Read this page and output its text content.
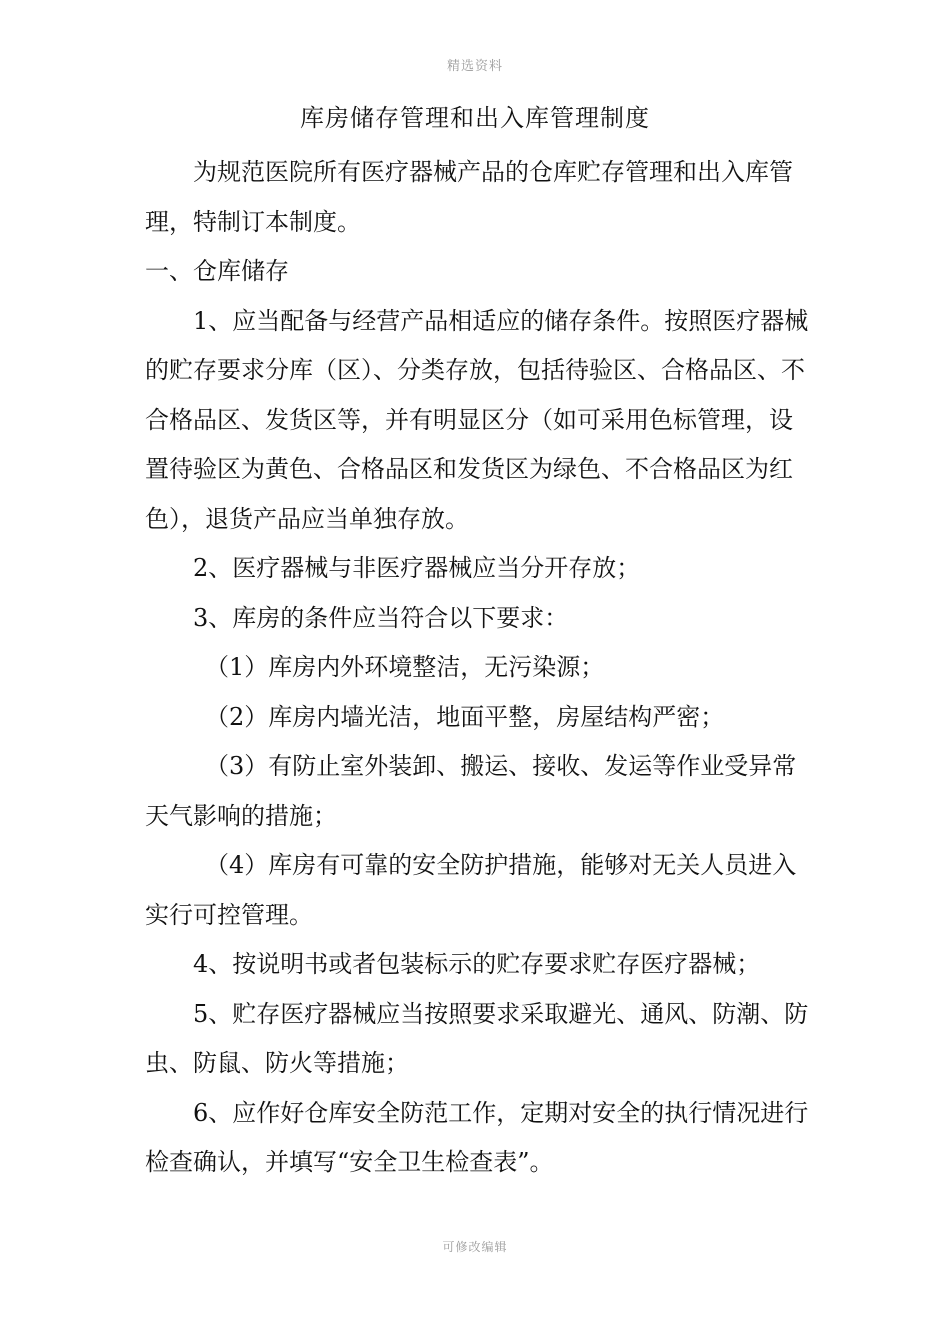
精选资料
库房储存管理和出入库管理制度

为规范医院所有医疗器械产品的仓库贮存管理和出入库管理，特制订本制度。

一、仓库储存

1、应当配备与经营产品相适应的储存条件。按照医疗器械的贮存要求分库（区）、分类存放，包括待验区、合格品区、不合格品区、发货区等，并有明显区分（如可采用色标管理，设置待验区为黄色、合格品区和发货区为绿色、不合格品区为红色），退货产品应当单独存放。

2、医疗器械与非医疗器械应当分开存放；

3、库房的条件应当符合以下要求：

（1）库房内外环境整洁，无污染源；

（2）库房内墙光洁，地面平整，房屋结构严密；

（3）有防止室外装卸、搬运、接收、发运等作业受异常天气影响的措施；

（4）库房有可靠的安全防护措施，能够对无关人员进入实行可控管理。

4、按说明书或者包装标示的贮存要求贮存医疗器械；

5、贮存医疗器械应当按照要求采取避光、通风、防潮、防虫、防鼠、防火等措施；

6、应作好仓库安全防范工作，定期对安全的执行情况进行检查确认，并填写“安全卫生检查表”。

可修改编辑
